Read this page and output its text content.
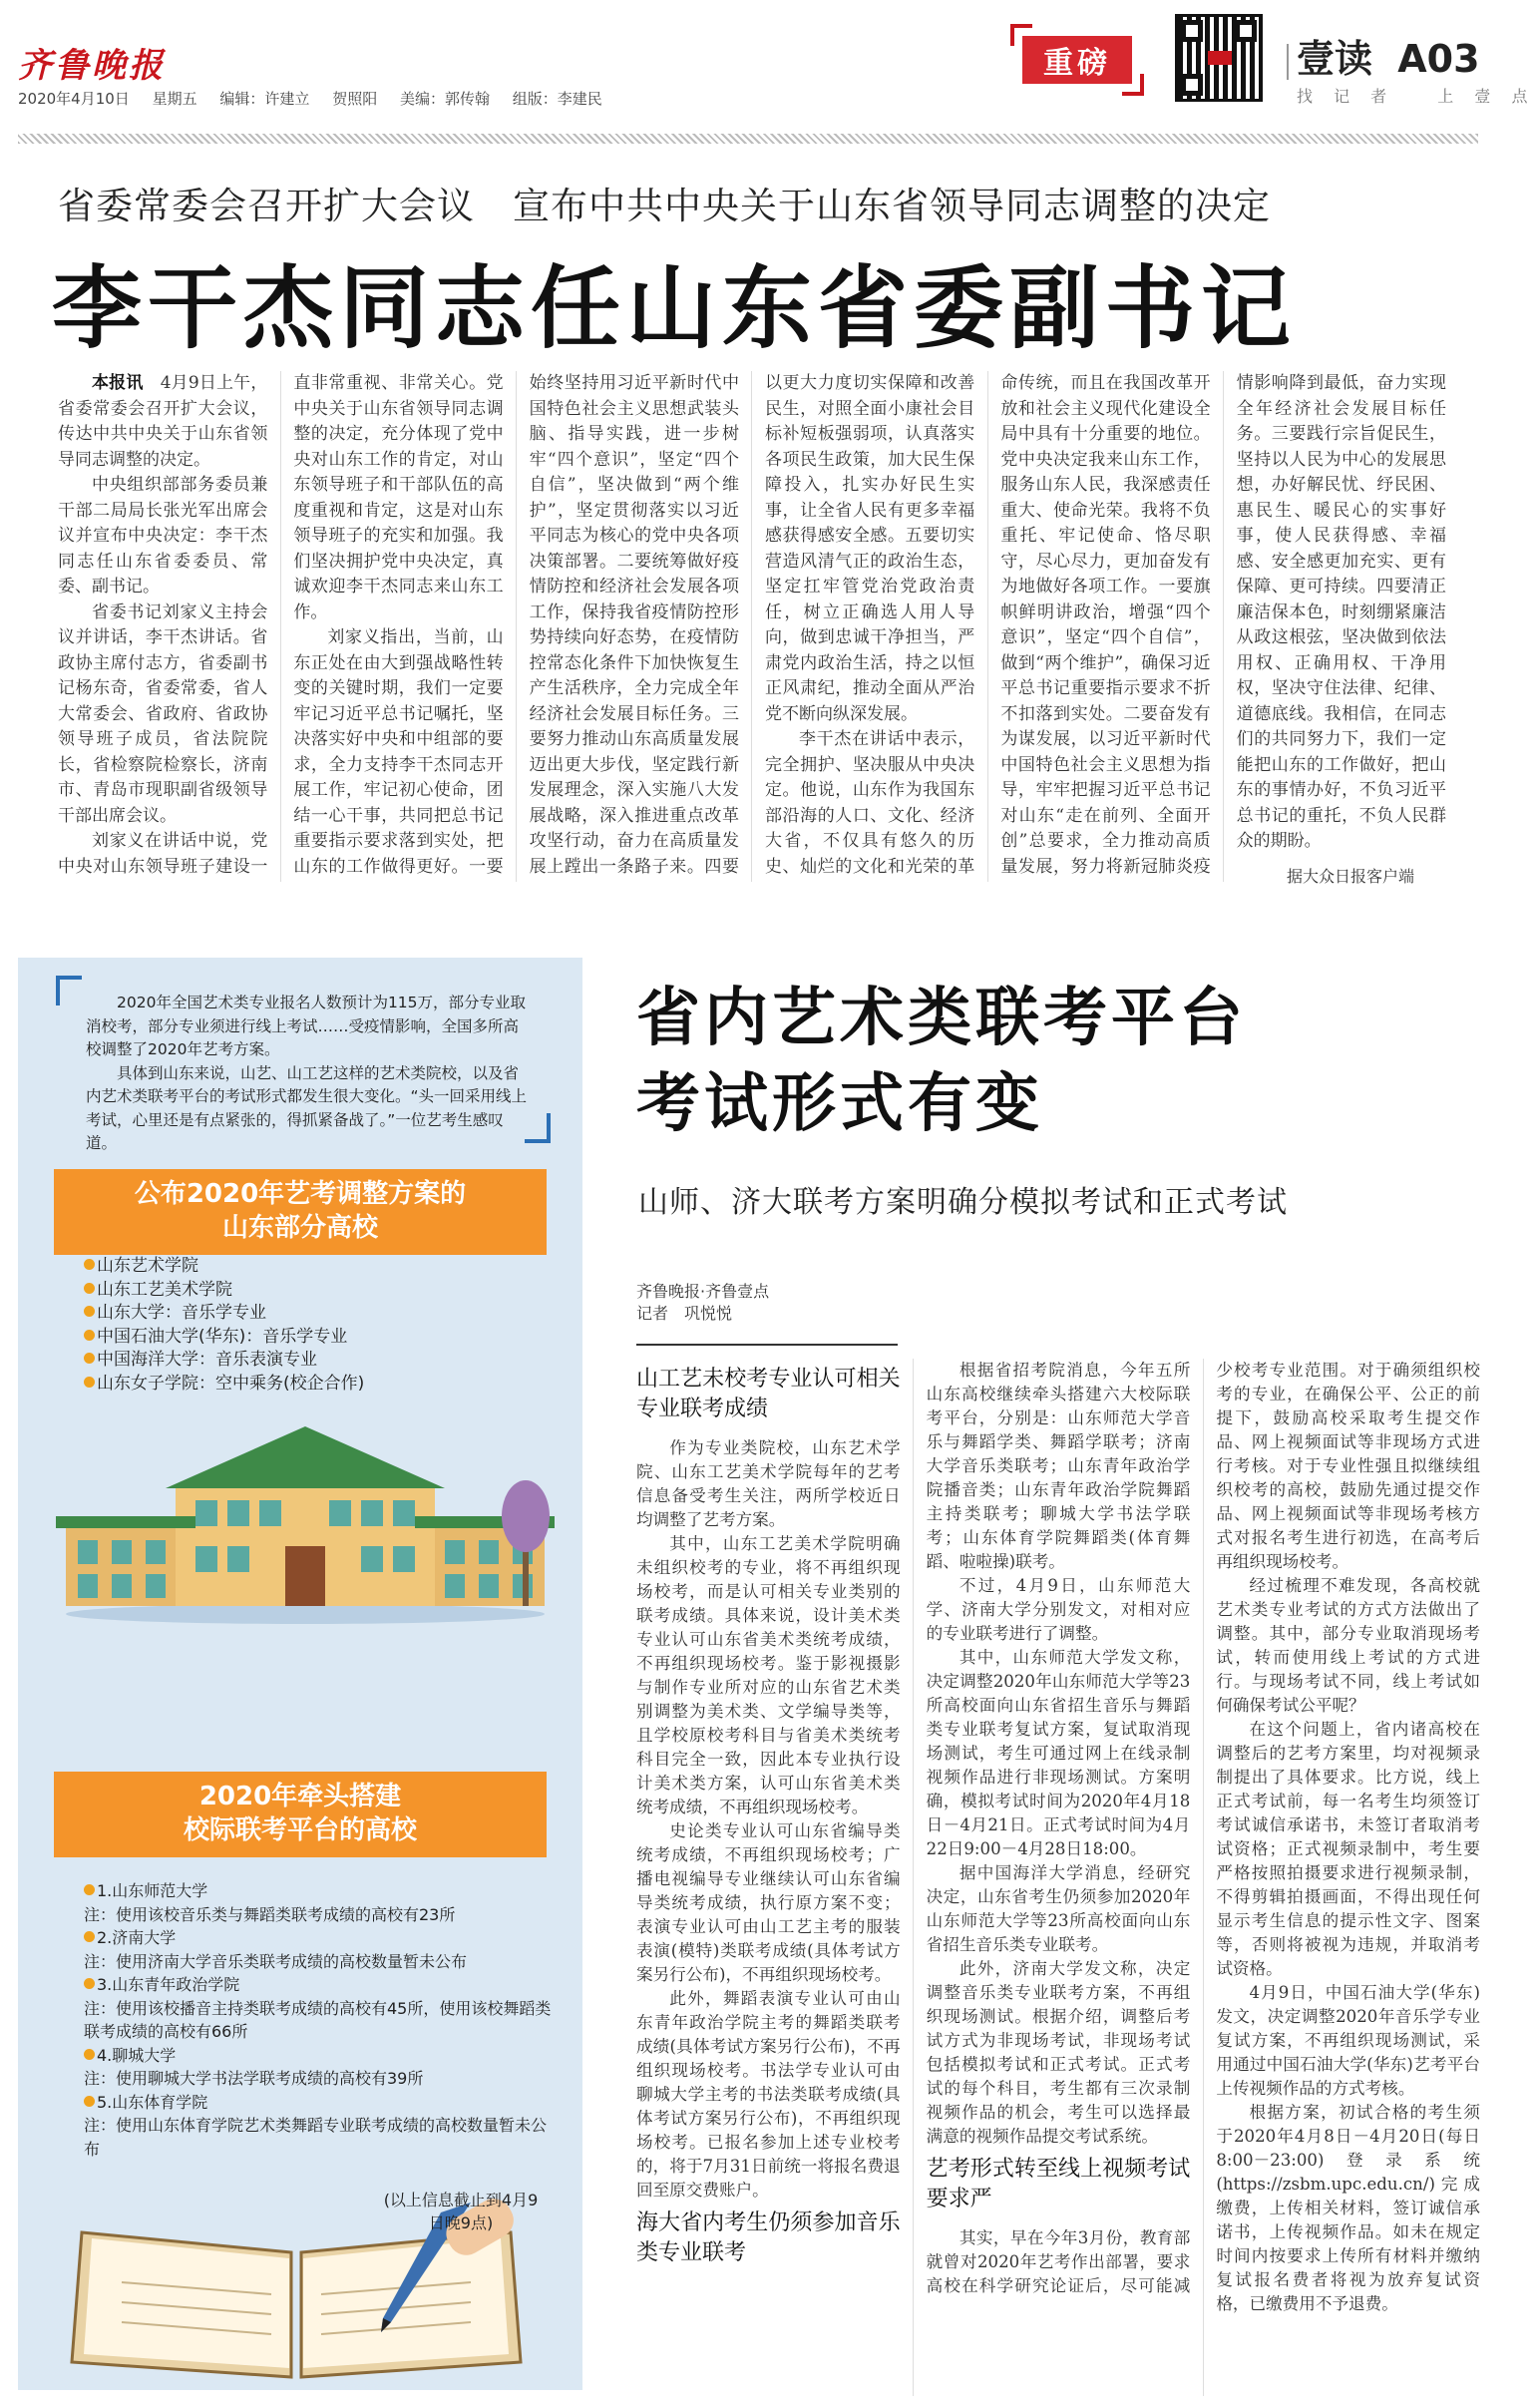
齐鲁晚报
2020年4月10日 星期五 编辑：许建立 贺照阳 美编：郭传翰 组版：李建民
重磅	壹读 A03
找 记 者	上 壹 点
省委常委会召开扩大会议　宣布中共中央关于山东省领导同志调整的决定
李干杰同志任山东省委副书记

本报讯　 4月9日上午，省委常委会召开扩大会议，传达中共中央关于山东省领导同志调整的决定。

中央组织部部务委员兼干部二局局长张光军出席会议并宣布中央决定：李干杰同志任山东省委委员、常委、副书记。

省委书记刘家义主持会议并讲话，李干杰讲话。省政协主席付志方，省委副书记杨东奇，省委常委，省人大常委会、省政府、省政协领导班子成员，省法院院长，省检察院检察长，济南市、青岛市现职副省级领导干部出席会议。

刘家义在讲话中说，党中央对山东领导班子建设一直非常重视、非常关心。党中央关于山东省领导同志调整的决定，充分体现了党中央对山东工作的肯定，对山东领导班子和干部队伍的高度重视和肯定，这是对山东领导班子的充实和加强。我们坚决拥护党中央决定，真诚欢迎李干杰同志来山东工作。

刘家义指出，当前，山东正处在由大到强战略性转变的关键时期，我们一定要牢记习近平总书记嘱托，坚决落实好中央和中组部的要求，全力支持李干杰同志开展工作，牢记初心使命，团结一心干事，共同把总书记重要指示要求落到实处，把山东的工作做得更好。一要始终坚持用习近平新时代中国特色社会主义思想武装头脑、指导实践，进一步树牢“四个意识”，坚定“四个自信”，坚决做到“两个维护”，坚定贯彻落实以习近平同志为核心的党中央各项决策部署。二要统筹做好疫情防控和经济社会发展各项工作，保持我省疫情防控形势持续向好态势，在疫情防控常态化条件下加快恢复生产生活秩序，全力完成全年经济社会发展目标任务。三要努力推动山东高质量发展迈出更大步伐，坚定践行新发展理念，深入实施八大发展战略，深入推进重点改革攻坚行动，奋力在高质量发展上蹚出一条路子来。四要以更大力度切实保障和改善民生，对照全面小康社会目标补短板强弱项，认真落实各项民生政策，加大民生保障投入，扎实办好民生实事，让全省人民有更多幸福感获得感安全感。五要切实营造风清气正的政治生态，坚定扛牢管党治党政治责任，树立正确选人用人导向，做到忠诚干净担当，严肃党内政治生活，持之以恒正风肃纪，推动全面从严治党不断向纵深发展。

李干杰在讲话中表示，完全拥护、坚决服从中央决定。他说，山东作为我国东部沿海的人口、文化、经济大省，不仅具有悠久的历史、灿烂的文化和光荣的革命传统，而且在我国改革开放和社会主义现代化建设全局中具有十分重要的地位。党中央决定我来山东工作，服务山东人民，我深感责任重大、使命光荣。我将不负重托、牢记使命、恪尽职守，尽心尽力，更加奋发有为地做好各项工作。一要旗帜鲜明讲政治，增强“四个意识”，坚定“四个自信”，做到“两个维护”，确保习近平总书记重要指示要求不折不扣落到实处。二要奋发有为谋发展，以习近平新时代中国特色社会主义思想为指导，牢牢把握习近平总书记对山东“走在前列、全面开创”总要求，全力推动高质量发展，努力将新冠肺炎疫情影响降到最低，奋力实现全年经济社会发展目标任务。三要践行宗旨促民生，坚持以人民为中心的发展思想，办好解民忧、纾民困、惠民生、暖民心的实事好事，使人民获得感、幸福感、安全感更加充实、更有保障、更可持续。四要清正廉洁保本色，时刻绷紧廉洁从政这根弦，坚决做到依法用权、正确用权、干净用权，坚决守住法律、纪律、道德底线。我相信，在同志们的共同努力下，我们一定能把山东的工作做好，把山东的事情办好，不负习近平总书记的重托，不负人民群众的期盼。

据大众日报客户端

2020年全国艺术类专业报名人数预计为115万，部分专业取消校考，部分专业须进行线上考试……受疫情影响，全国多所高校调整了2020年艺考方案。

具体到山东来说，山艺、山工艺这样的艺术类院校，以及省内艺术类联考平台的考试形式都发生很大变化。“头一回采用线上考试，心里还是有点紧张的，得抓紧备战了。”一位艺考生感叹道。

公布2020年艺考调整方案的
山东部分高校
山东艺术学院
山东工艺美术学院
山东大学：音乐学专业
中国石油大学(华东)：音乐学专业
中国海洋大学：音乐表演专业
山东女子学院：空中乘务(校企合作)
2020年牵头搭建
校际联考平台的高校
1.山东师范大学
注：使用该校音乐类与舞蹈类联考成绩的高校有23所
2.济南大学
注：使用济南大学音乐类联考成绩的高校数量暂未公布
3.山东青年政治学院
注：使用该校播音主持类联考成绩的高校有45所，使用该校舞蹈类联考成绩的高校有66所
4.聊城大学
注：使用聊城大学书法学联考成绩的高校有39所
5.山东体育学院
注：使用山东体育学院艺术类舞蹈专业联考成绩的高校数量暂未公布
(以上信息截止到4月9日晚9点)
省内艺术类联考平台
考试形式有变
山师、济大联考方案明确分模拟考试和正式考试
齐鲁晚报·齐鲁壹点
记者　巩悦悦
山工艺未校考专业认可相关专业联考成绩

作为专业类院校，山东艺术学院、山东工艺美术学院每年的艺考信息备受考生关注，两所学校近日均调整了艺考方案。

其中，山东工艺美术学院明确未组织校考的专业，将不再组织现场校考，而是认可相关专业类别的联考成绩。具体来说，设计美术类专业认可山东省美术类统考成绩，不再组织现场校考。鉴于影视摄影与制作专业所对应的山东省艺术类别调整为美术类、文学编导类等，且学校原校考科目与省美术类统考科目完全一致，因此本专业执行设计美术类方案，认可山东省美术类统考成绩，不再组织现场校考。

史论类专业认可山东省编导类统考成绩，不再组织现场校考；广播电视编导专业继续认可山东省编导类统考成绩，执行原方案不变；表演专业认可由山工艺主考的服装表演(模特)类联考成绩(具体考试方案另行公布)，不再组织现场校考。

此外，舞蹈表演专业认可由山东青年政治学院主考的舞蹈类联考成绩(具体考试方案另行公布)，不再组织现场校考。书法学专业认可由聊城大学主考的书法类联考成绩(具体考试方案另行公布)，不再组织现场校考。已报名参加上述专业校考的，将于7月31日前统一将报名费退回至原交费账户。

海大省内考生仍须参加音乐类专业联考

根据省招考院消息，今年五所山东高校继续牵头搭建六大校际联考平台，分别是：山东师范大学音乐与舞蹈学类、舞蹈学联考；济南大学音乐类联考；山东青年政治学院播音类；山东青年政治学院舞蹈主持类联考；聊城大学书法学联考；山东体育学院舞蹈类(体育舞蹈、啦啦操)联考。

不过，4月9日，山东师范大学、济南大学分别发文，对相对应的专业联考进行了调整。

其中，山东师范大学发文称，决定调整2020年山东师范大学等23所高校面向山东省招生音乐与舞蹈类专业联考复试方案，复试取消现场测试，考生可通过网上在线录制视频作品进行非现场测试。方案明确，模拟考试时间为2020年4月18日－4月21日。正式考试时间为4月22日9:00－4月28日18:00。

据中国海洋大学消息，经研究决定，山东省考生仍须参加2020年山东师范大学等23所高校面向山东省招生音乐类专业联考。

此外，济南大学发文称，决定调整音乐类专业联考方案，不再组织现场测试。根据介绍，调整后考试方式为非现场考试，非现场考试包括模拟考试和正式考试。正式考试的每个科目，考生都有三次录制视频作品的机会，考生可以选择最满意的视频作品提交考试系统。

艺考形式转至线上视频考试要求严

其实，早在今年3月份，教育部就曾对2020年艺考作出部署，要求高校在科学研究论证后，尽可能减少校考专业范围。对于确须组织校考的专业，在确保公平、公正的前提下，鼓励高校采取考生提交作品、网上视频面试等非现场方式进行考核。对于专业性强且拟继续组织校考的高校，鼓励先通过提交作品、网上视频面试等非现场考核方式对报名考生进行初选，在高考后再组织现场校考。

经过梳理不难发现，各高校就艺术类专业考试的方式方法做出了调整。其中，部分专业取消现场考试，转而使用线上考试的方式进行。与现场考试不同，线上考试如何确保考试公平呢？

在这个问题上，省内诸高校在调整后的艺考方案里，均对视频录制提出了具体要求。比方说，线上正式考试前，每一名考生均须签订考试诚信承诺书，未签订者取消考试资格；正式视频录制中，考生要严格按照拍摄要求进行视频录制，不得剪辑拍摄画面，不得出现任何显示考生信息的提示性文字、图案等，否则将被视为违规，并取消考试资格。

4月9日，中国石油大学(华东)发文，决定调整2020年音乐学专业复试方案，不再组织现场测试，采用通过中国石油大学(华东)艺考平台上传视频作品的方式考核。

根据方案，初试合格的考生须于2020年4月8日－4月20日(每日8:00－23:00)登录系统(https://zsbm.upc.edu.cn/)完成缴费，上传相关材料，签订诚信承诺书，上传视频作品。如未在规定时间内按要求上传所有材料并缴纳复试报名费者将视为放弃复试资格，已缴费用不予退费。
